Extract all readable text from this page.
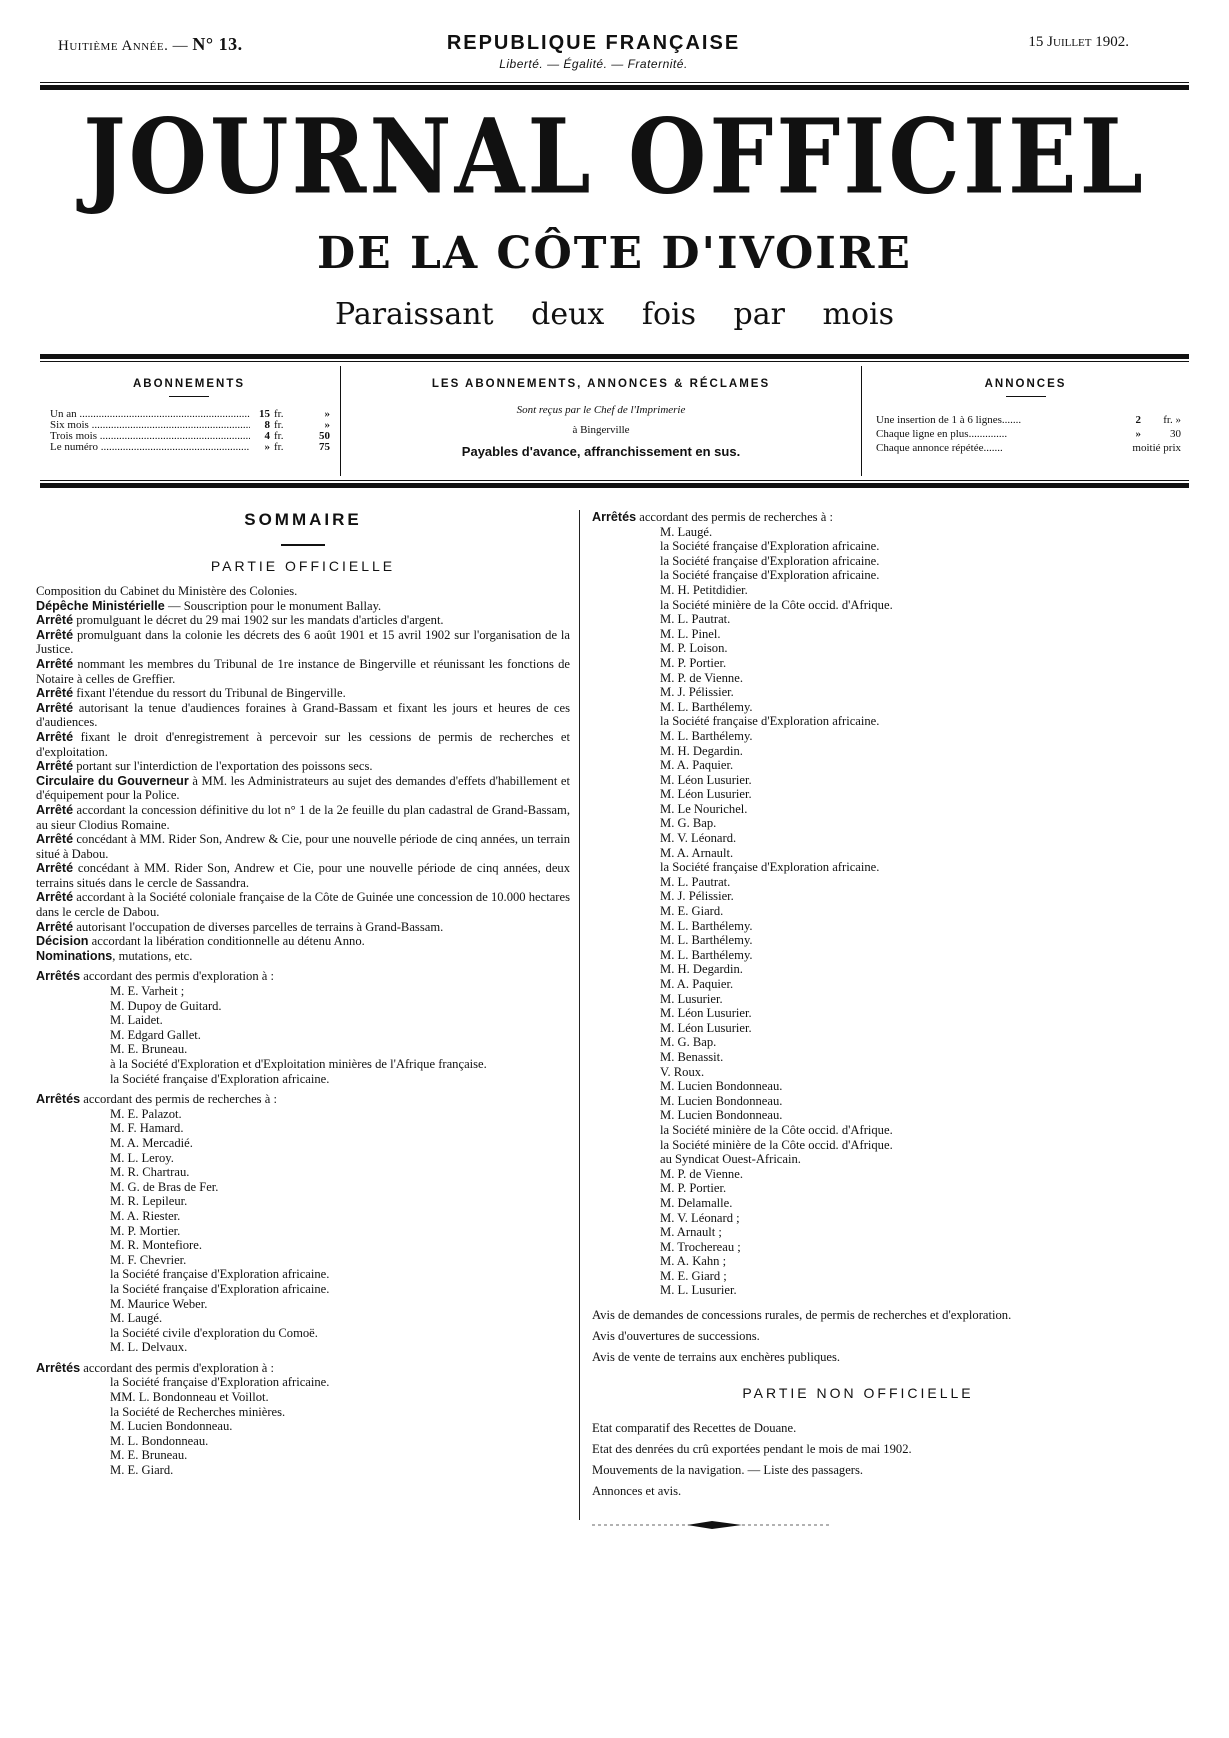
Huitième Année. — N° 13.	REPUBLIQUE FRANÇAISE
Liberté. — Égalité. — Fraternité.
15 Juillet 1902.
JOURNAL OFFICIEL
DE LA CÔTE D'IVOIRE
Paraissant deux fois par mois
ABONNEMENTS
Un an .....	15 fr.	»
Six mois .....	8 fr.	»
Trois mois .....	4 fr.	50
Le numéro .....	» fr.	75
LES ABONNEMENTS, ANNONCES & RÉCLAMES
Sont reçus par le Chef de l'Imprimerie
à Bingerville
Payables d'avance, affranchissement en sus.
ANNONCES
Une insertion de 1 à 6 lignes.......	2	fr. »
Chaque ligne en plus..............	»	30
Chaque annonce répétée.......	moitié prix
SOMMAIRE
PARTIE OFFICIELLE

Composition du Cabinet du Ministère des Colonies.

Dépêche Ministérielle — Souscription pour le monument Ballay.

Arrêté promulguant le décret du 29 mai 1902 sur les mandats d'articles d'argent.

Arrêté promulguant dans la colonie les décrets des 6 août 1901 et 15 avril 1902 sur l'organisation de la Justice.

Arrêté nommant les membres du Tribunal de 1re instance de Bingerville et réunissant les fonctions de Notaire à celles de Greffier.

Arrêté fixant l'étendue du ressort du Tribunal de Bingerville.

Arrêté autorisant la tenue d'audiences foraines à Grand-Bassam et fixant les jours et heures de ces d'audiences.

Arrêté fixant le droit d'enregistrement à percevoir sur les cessions de permis de recherches et d'exploitation.

Arrêté portant sur l'interdiction de l'exportation des poissons secs.

Circulaire du Gouverneur à MM. les Administrateurs au sujet des demandes d'effets d'habillement et d'équipement pour la Police.

Arrêté accordant la concession définitive du lot n° 1 de la 2e feuille du plan cadastral de Grand-Bassam, au sieur Clodius Romaine.

Arrêté concédant à MM. Rider Son, Andrew & Cie, pour une nouvelle période de cinq années, un terrain situé à Dabou.

Arrêté concédant à MM. Rider Son, Andrew et Cie, pour une nouvelle période de cinq années, deux terrains situés dans le cercle de Sassandra.

Arrêté accordant à la Société coloniale française de la Côte de Guinée une concession de 10.000 hectares dans le cercle de Dabou.

Arrêté autorisant l'occupation de diverses parcelles de terrains à Grand-Bassam.

Décision accordant la libération conditionnelle au détenu Anno.

Nominations, mutations, etc.

Arrêtés accordant des permis d'exploration à :

M. E. Varheit ;
M. Dupoy de Guitard.
M. Laidet.
M. Edgard Gallet.
M. E. Bruneau.
à la Société d'Exploration et d'Exploitation minières de l'Afrique française.
la Société française d'Exploration africaine.

Arrêtés accordant des permis de recherches à :

M. E. Palazot.
M. F. Hamard.
M. A. Mercadié.
M. L. Leroy.
M. R. Chartrau.
M. G. de Bras de Fer.
M. R. Lepileur.
M. A. Riester.
M. P. Mortier.
M. R. Montefiore.
M. F. Chevrier.
la Société française d'Exploration africaine.
la Société française d'Exploration africaine.
M. Maurice Weber.
M. Laugé.
la Société civile d'exploration du Comoë.
M. L. Delvaux.

Arrêtés accordant des permis d'exploration à :

la Société française d'Exploration africaine.
MM. L. Bondonneau et Voillot.
la Société de Recherches minières.
M. Lucien Bondonneau.
M. L. Bondonneau.
M. E. Bruneau.
M. E. Giard.

Arrêtés accordant des permis de recherches à :

M. Laugé.
la Société française d'Exploration africaine.
la Société française d'Exploration africaine.
la Société française d'Exploration africaine.
M. H. Petitdidier.
la Société minière de la Côte occid. d'Afrique.
M. L. Pautrat.
M. L. Pinel.
M. P. Loison.
M. P. Portier.
M. P. de Vienne.
M. J. Pélissier.
M. L. Barthélemy.
la Société française d'Exploration africaine.
M. L. Barthélemy.
M. H. Degardin.
M. A. Paquier.
M. Léon Lusurier.
M. Léon Lusurier.
M. Le Nourichel.
M. G. Bap.
M. V. Léonard.
M. A. Arnault.
la Société française d'Exploration africaine.
M. L. Pautrat.
M. J. Pélissier.
M. E. Giard.
M. L. Barthélemy.
M. L. Barthélemy.
M. L. Barthélemy.
M. H. Degardin.
M. A. Paquier.
M. Lusurier.
M. Léon Lusurier.
M. Léon Lusurier.
M. G. Bap.
M. Benassit.
V. Roux.
M. Lucien Bondonneau.
M. Lucien Bondonneau.
M. Lucien Bondonneau.
la Société minière de la Côte occid. d'Afrique.
la Société minière de la Côte occid. d'Afrique.
au Syndicat Ouest-Africain.
M. P. de Vienne.
M. P. Portier.
M. Delamalle.
M. V. Léonard ;
M. Arnault ;
M. Trochereau ;
M. A. Kahn ;
M. E. Giard ;
M. L. Lusurier.

Avis de demandes de concessions rurales, de permis de recherches et d'exploration.

Avis d'ouvertures de successions.

Avis de vente de terrains aux enchères publiques.

PARTIE NON OFFICIELLE

Etat comparatif des Recettes de Douane.

Etat des denrées du crû exportées pendant le mois de mai 1902.

Mouvements de la navigation. — Liste des passagers.

Annonces et avis.
